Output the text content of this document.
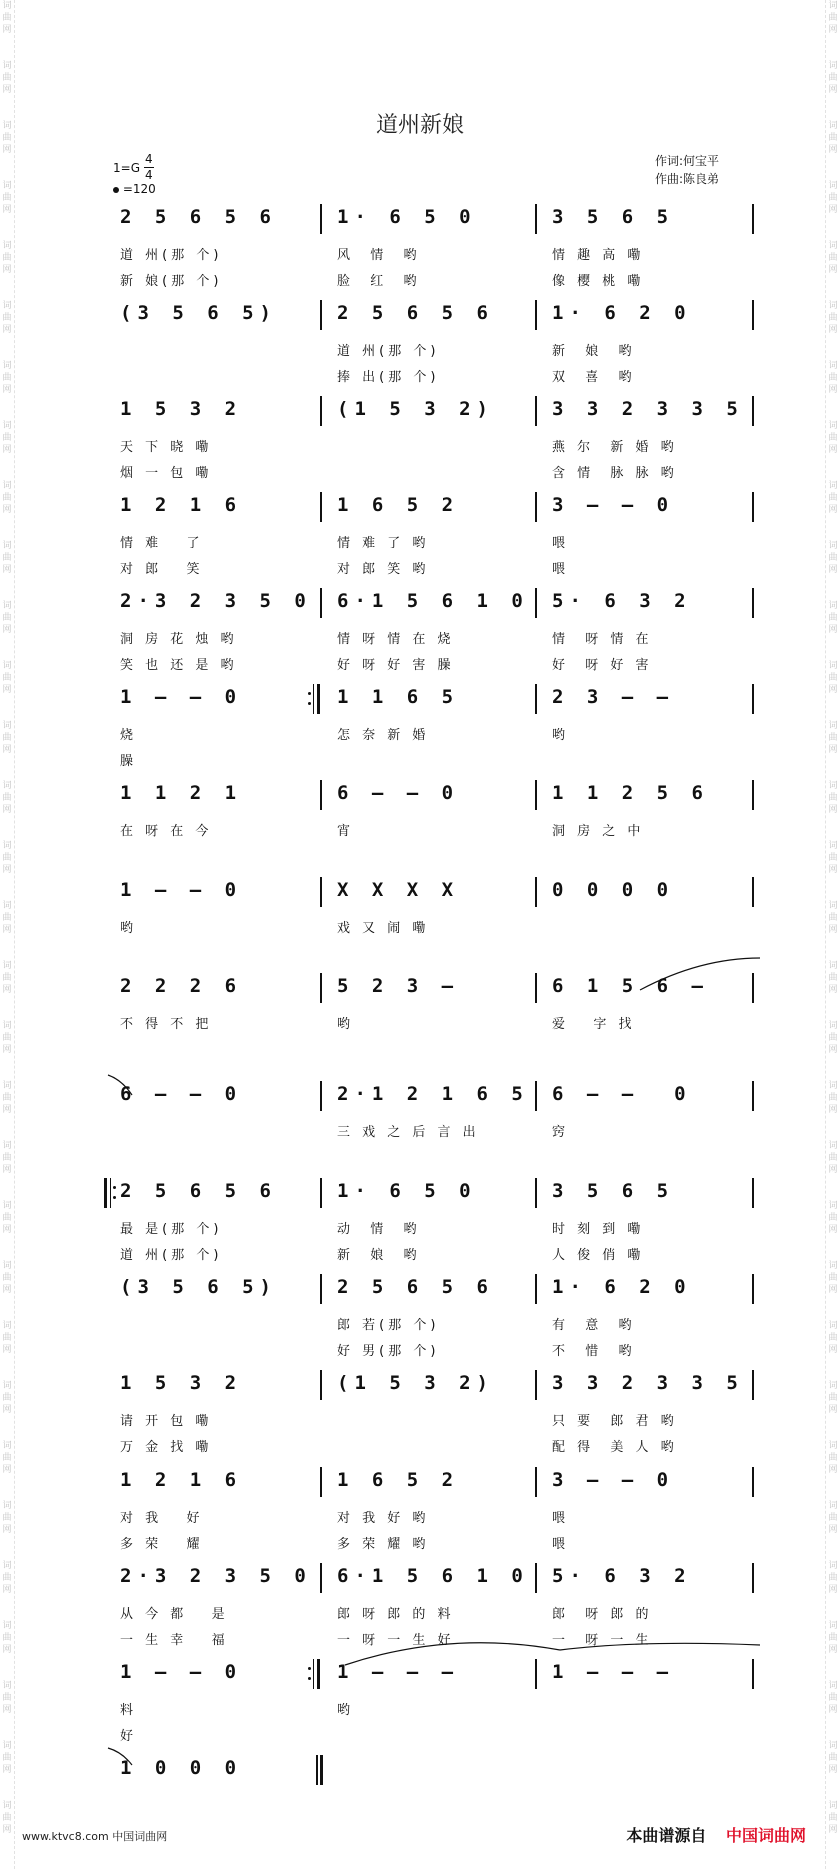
词曲网
词曲网
词曲网
词曲网
词曲网
词曲网
词曲网
词曲网
词曲网
词曲网
词曲网
词曲网
词曲网
词曲网
词曲网
词曲网
词曲网
词曲网
词曲网
词曲网
词曲网
词曲网
词曲网
词曲网
词曲网
词曲网
词曲网
词曲网
词曲网
词曲网
词曲网
词曲网
词曲网
词曲网
词曲网
词曲网
词曲网
词曲网
词曲网
词曲网
词曲网
词曲网
词曲网
词曲网
词曲网
词曲网
词曲网
词曲网
词曲网
词曲网
词曲网
词曲网
词曲网
词曲网
词曲网
词曲网
词曲网
词曲网
词曲网
词曲网
词曲网
词曲网
道州新娘
$1=G \frac{4}{4}$
=120
作词:何宝平
作曲:陈良弟
2 5 6 5 6
道 州(那 个)
新 娘(那 个)
1· 6 5 0
风  情  哟
脸  红  哟
3 5 6 5
情 趣 高 嘞
像 樱 桃 嘞
(3 5 6 5)	2 5 6 5 6
道 州(那 个)
捧 出(那 个)
1· 6 2 0
新  娘  哟
双  喜  哟
1 5 3 2
天 下 晓 嘞
烟 一 包 嘞
(1 5 3 2)	3 3 2 3 3 5
燕 尔  新 婚 哟
含 情  脉 脉 哟
1 2 1 6
情 难   了
对 郎   笑
1 6 5 2
情 难 了 哟
对 郎 笑 哟
3 — — 0
喂
喂
2·3 2 3 5 0
洞 房 花 烛 哟
笑 也 还 是 哟
6·1 5 6 1 0
情 呀 情 在 烧
好 呀 好 害 臊
5· 6 3 2
情  呀 情 在
好  呀 好 害
1 — — 0
烧
臊
1 1 6 5
怎 奈 新 婚
2 3 — —
哟
1 1 2 1
在 呀 在 今
6 — — 0
宵
1 1 2 5 6
洞 房 之 中
1 — — 0
哟
X X X X
戏 又 闹 嘞
0 0 0 0
2 2 2 6
不 得 不 把
5 2 3 —
哟
6 1 5 6 —
爱   字 找
6 — — 0	2·1 2 1 6 5
三 戏 之 后 言 出
6 — —  0
窍
2 5 6 5 6
最 是(那 个)
道 州(那 个)
1· 6 5 0
动  情  哟
新  娘  哟
3 5 6 5
时 刻 到 嘞
人 俊 俏 嘞
(3 5 6 5)	2 5 6 5 6
郎 若(那 个)
好 男(那 个)
1· 6 2 0
有  意  哟
不  惜  哟
1 5 3 2
请 开 包 嘞
万 金 找 嘞
(1 5 3 2)	3 3 2 3 3 5
只 要  郎 君 哟
配 得  美 人 哟
1 2 1 6
对 我   好
多 荣   耀
1 6 5 2
对 我 好 哟
多 荣 耀 哟
3 — — 0
喂
喂
2·3 2 3 5 0
从 今 都   是
一 生 幸   福
6·1 5 6 1 0
郎 呀 郎 的 料
一 呀 一 生 好
5· 6 3 2
郎  呀 郎 的
一  呀 一 生
1 — — 0
料
好
1 — — —
哟
1 — — —
1 0 0 0
www.ktvc8.com 中国词曲网	本曲谱源自 中国词曲网
